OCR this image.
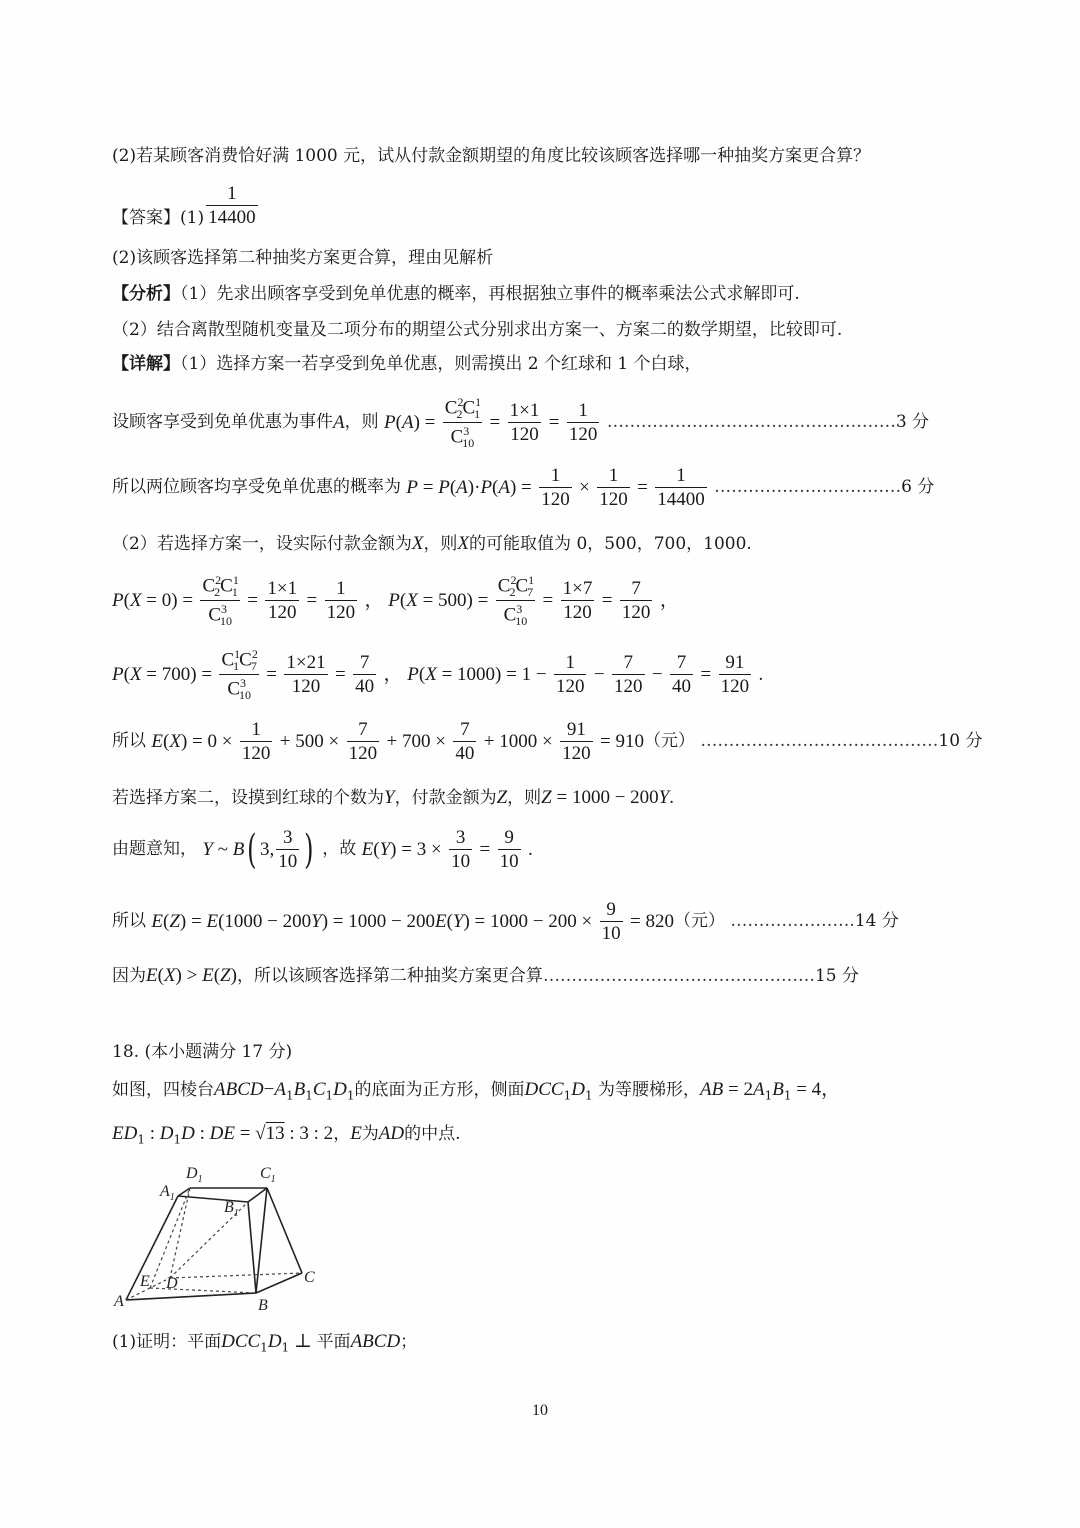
(2)若某顾客消费恰好满 1000 元，试从付款金额期望的角度比较该顾客选择哪一种抽奖方案更合算？
【答案】$(1) \frac{1}{14400}$
(2)该顾客选择第二种抽奖方案更合算，理由见解析
【分析】（1）先求出顾客享受到免单优惠的概率，再根据独立事件的概率乘法公式求解即可.
（2）结合离散型随机变量及二项分布的期望公式分别求出方案一、方案二的数学期望，比较即可.
【详解】（1）选择方案一若享受到免单优惠，则需摸出 2 个红球和 1 个白球，
设顾客享受到免单优惠为事件A，则 $P(A) = \frac{C^2_2C^1_1}{C^3_{10}} = \frac{1\times 1}{120} = \frac{1}{120}$ ……………………………………………3 分
所以两位顾客均享受免单优惠的概率为 $P = P(A)\cdot P(A) = \frac{1}{120} \times \frac{1}{120} = \frac{1}{14400}$ ……………………………6 分
（2）若选择方案一，设实际付款金额为X，则X的可能取值为 0，500，700，1000.
$P(X = 0) = \frac{C^2_2C^1_1}{C^3_{10}} = \frac{1\times 1}{120} = \frac{1}{120}$ ， $P(X = 500) = \frac{C^2_2C^1_7}{C^3_{10}} = \frac{1\times 7}{120} = \frac{7}{120}$ ，
$P(X = 700) = \frac{C^1_1C^2_7}{C^3_{10}} = \frac{1\times 21}{120} = \frac{7}{40}$ ， $P(X = 1000) = 1 - \frac{1}{120} - \frac{7}{120} - \frac{7}{40} = \frac{91}{120}$ .
所以 $E(X) = 0 \times \frac{1}{120} + 500 \times \frac{7}{120} + 700 \times \frac{7}{40} + 1000 \times \frac{91}{120} = 910$（元） ……………………………………10 分
若选择方案二，设摸到红球的个数为Y，付款金额为Z，则Z = 1000 − 200Y.
由题意知， Y ~ B( 3, $\frac{3}{10}$ ) ，故 $E(Y) = 3 \times \frac{3}{10} = \frac{9}{10}$ .
所以 $E(Z) = E(1000 - 200Y) = 1000 - 200E(Y) = 1000 - 200 \times \frac{9}{10} = 820$（元） ………………….14 分
因为E(X) > E(Z)，所以该顾客选择第二种抽奖方案更合算…………………………………………15 分
18. (本小题满分 17 分)
如图，四棱台$ABCD-A_1B_1C_1D_1$的底面为正方形，侧面$DCC_1D_1$ 为等腰梯形，AB = $2A_1B_1 = 4$，
$ED_1$ : $D_1D$ : DE = √13 : 3 : 2，E为AD的中点.
$D_1$	$C_1$
$A_1$
$B_1$
E D	C
A	B
(1)证明：平面$DCC_1D_1$ ⊥ 平面ABCD；
10
